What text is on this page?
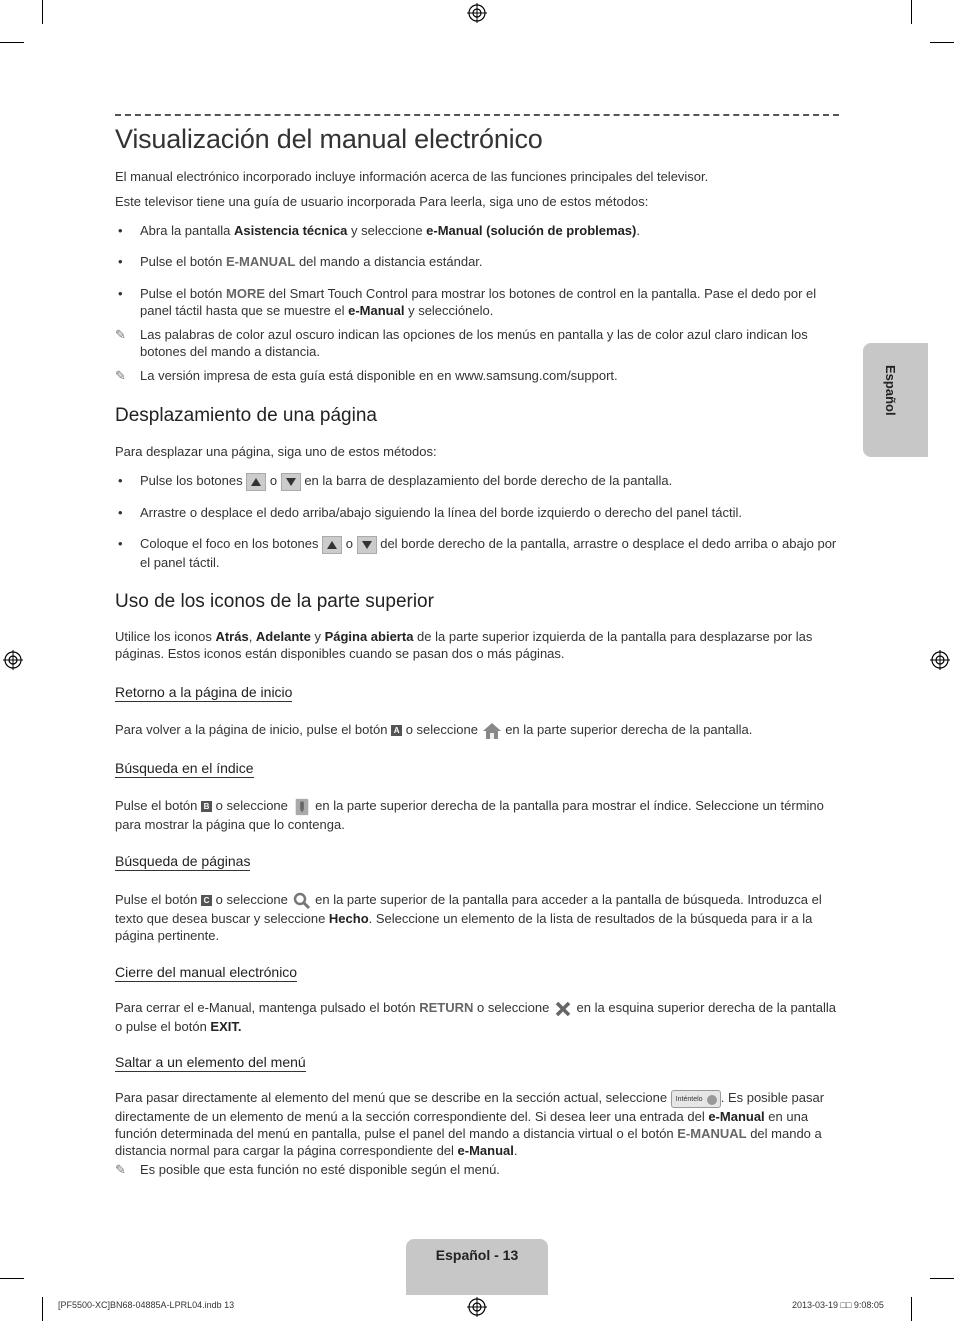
Visualización del manual electrónico
El manual electrónico incorporado incluye información acerca de las funciones principales del televisor.
Este televisor tiene una guía de usuario incorporada Para leerla, siga uno de estos métodos:
• Abra la pantalla Asistencia técnica y seleccione e-Manual (solución de problemas).
• Pulse el botón E-MANUAL del mando a distancia estándar.
• Pulse el botón MORE del Smart Touch Control para mostrar los botones de control en la pantalla. Pase el dedo por el panel táctil hasta que se muestre el e-Manual y selecciónelo.
✎ Las palabras de color azul oscuro indican las opciones de los menús en pantalla y las de color azul claro indican los botones del mando a distancia.
✎ La versión impresa de esta guía está disponible en en www.samsung.com/support.
Desplazamiento de una página
Para desplazar una página, siga uno de estos métodos:
• Pulse los botones
o
en la barra de desplazamiento del borde derecho de la pantalla.
• Arrastre o desplace el dedo arriba/abajo siguiendo la línea del borde izquierdo o derecho del panel táctil.
• Coloque el foco en los botones
o
del borde derecho de la pantalla, arrastre o desplace el dedo arriba o abajo por el panel táctil.
Uso de los iconos de la parte superior
Utilice los iconos Atrás, Adelante y Página abierta de la parte superior izquierda de la pantalla para desplazarse por las páginas. Estos iconos están disponibles cuando se pasan dos o más páginas.
Retorno a la página de inicio
Para volver a la página de inicio, pulse el botón A o seleccione  en la parte superior derecha de la pantalla.
Búsqueda en el índice
Pulse el botón B o seleccione  en la parte superior derecha de la pantalla para mostrar el índice. Seleccione un término para mostrar la página que lo contenga.
Búsqueda de páginas
Pulse el botón C o seleccione  en la parte superior de la pantalla para acceder a la pantalla de búsqueda. Introduzca el texto que desea buscar y seleccione Hecho. Seleccione un elemento de la lista de resultados de la búsqueda para ir a la página pertinente.
Cierre del manual electrónico
Para cerrar el e-Manual, mantenga pulsado el botón RETURN o seleccione  en la esquina superior derecha de la pantalla o pulse el botón EXIT.
Saltar a un elemento del menú
Para pasar directamente al elemento del menú que se describe en la sección actual, seleccione Inténtelo . Es posible pasar directamente de un elemento de menú a la sección correspondiente del. Si desea leer una entrada del e-Manual en una función determinada del menú en pantalla, pulse el panel del mando a distancia virtual o el botón E-MANUAL del mando a distancia normal para cargar la página correspondiente del e-Manual.
✎ Es posible que esta función no esté disponible según el menú.
Español
Español - 13
[PF5500-XC]BN68-04885A-LPRL04.indb 13	2013-03-19 □□ 9:08:05
